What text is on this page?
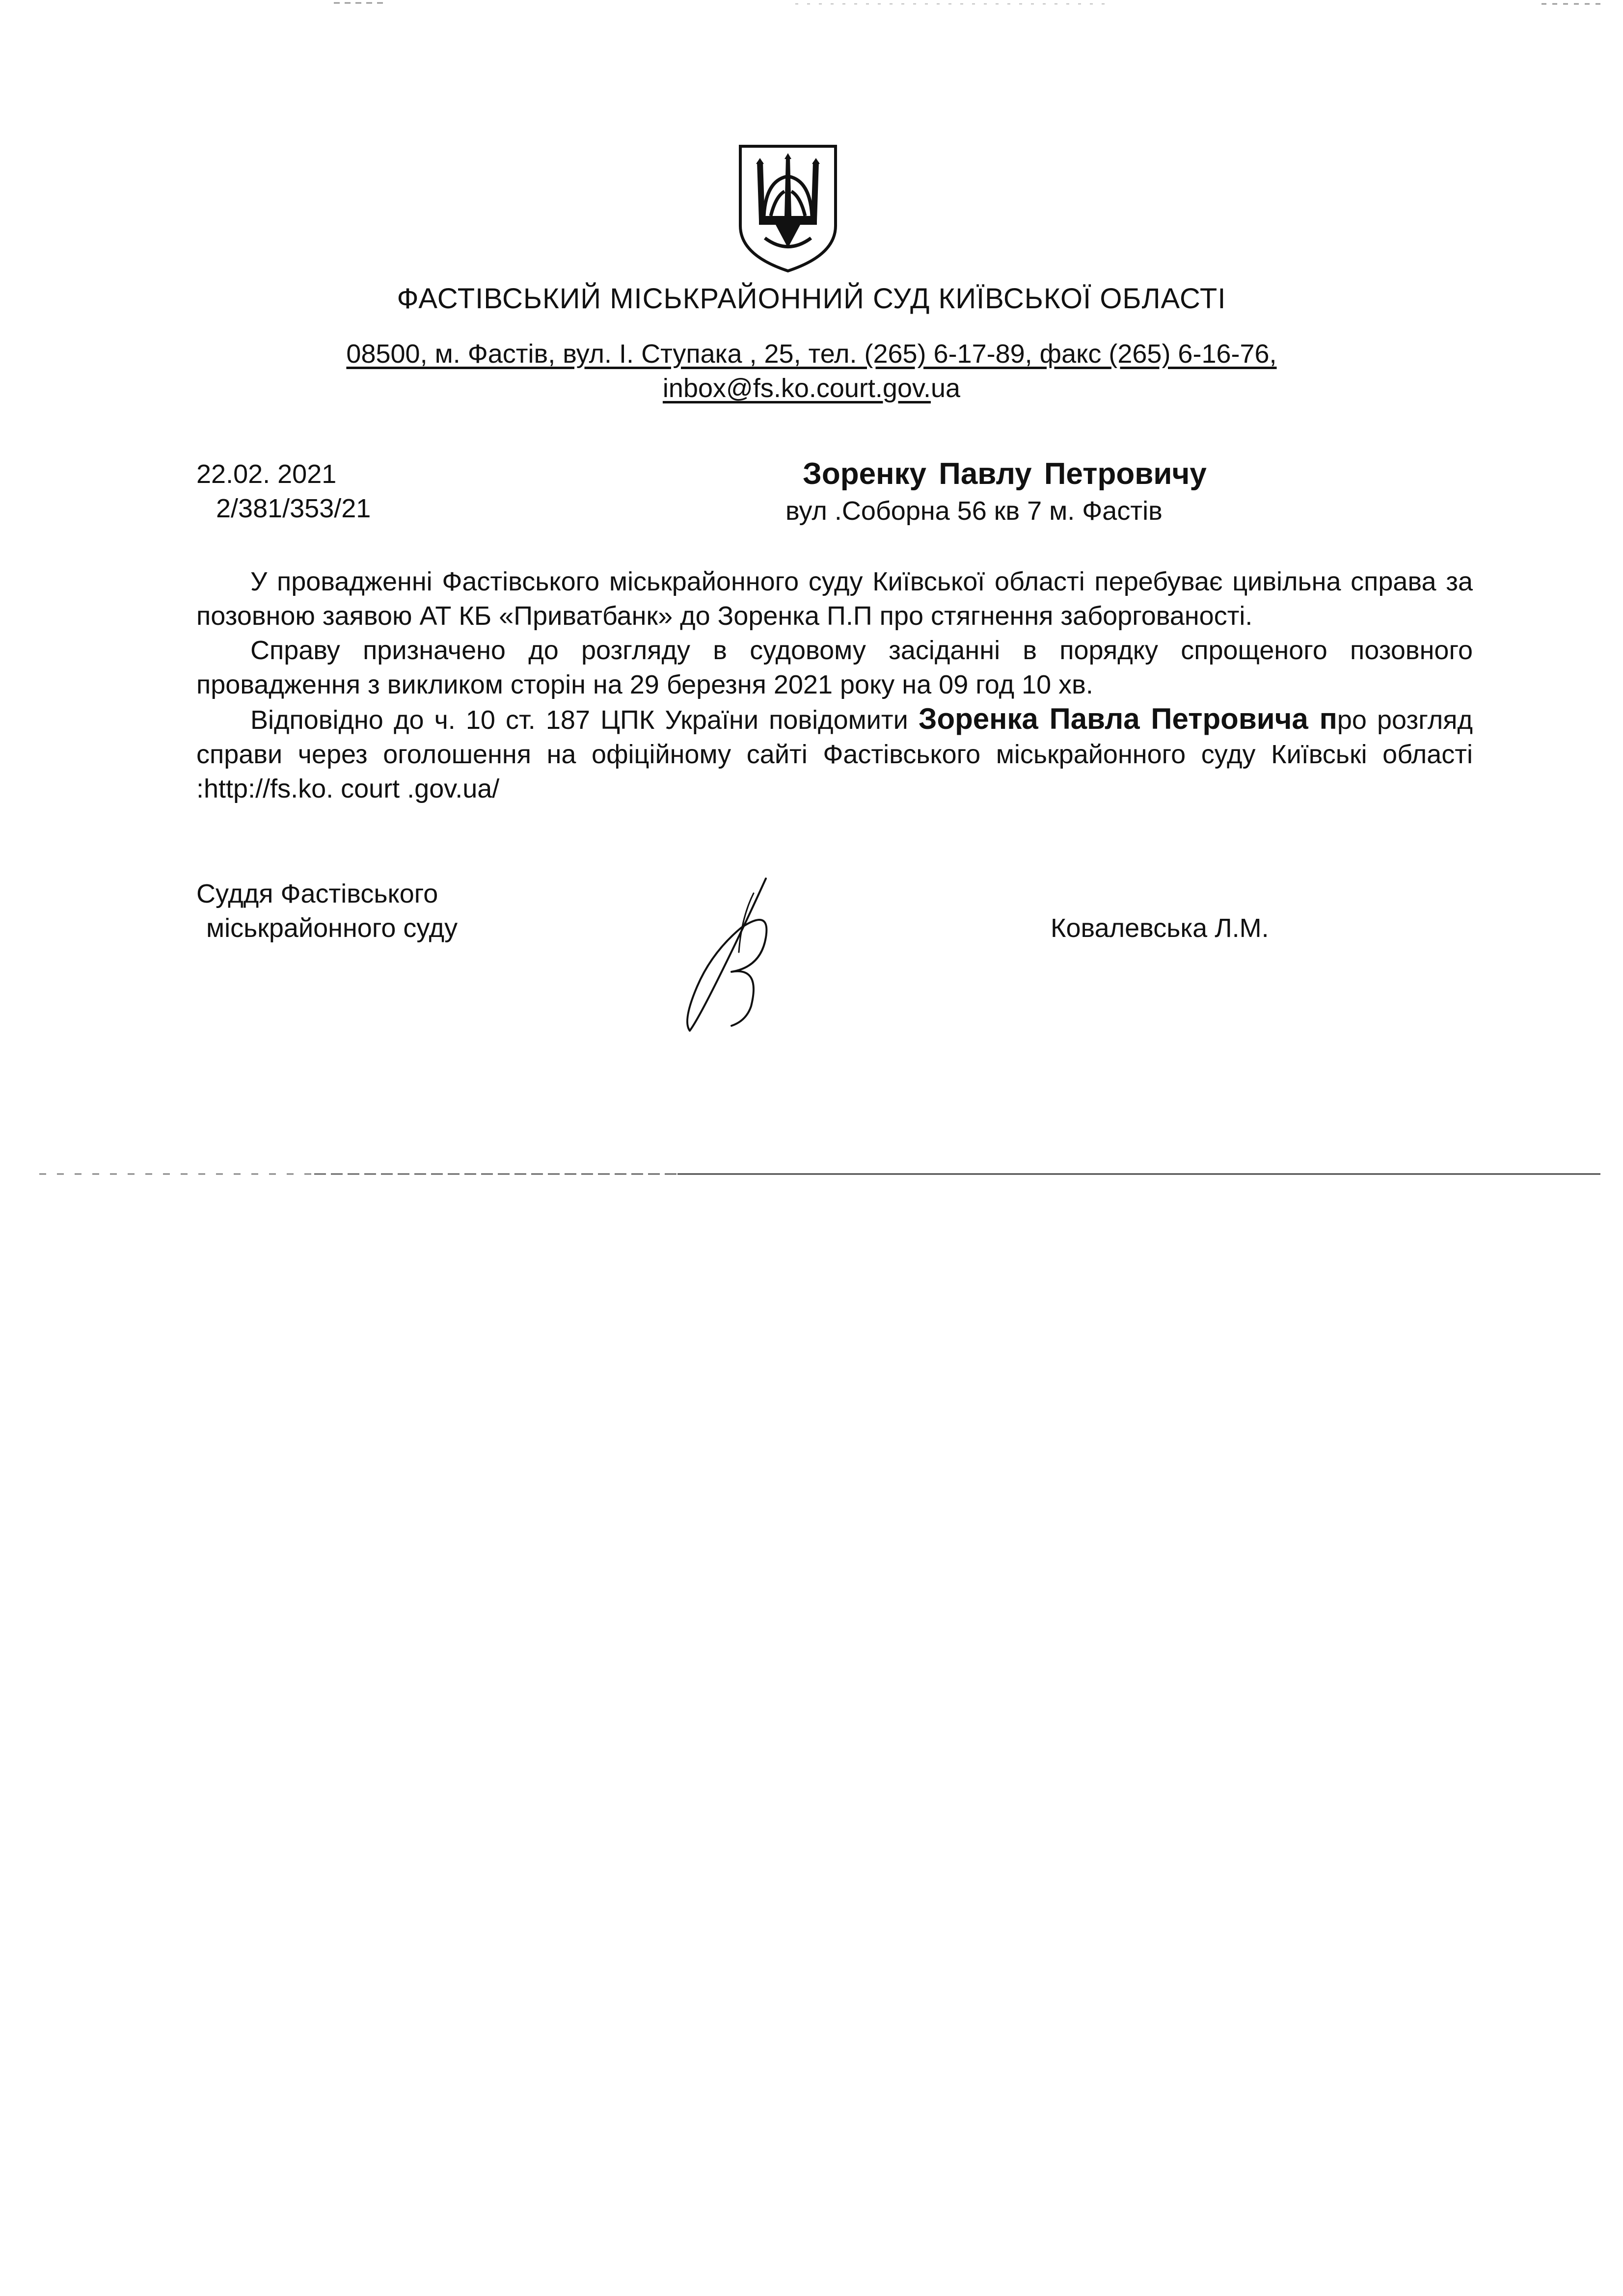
ФАСТІВСЬКИЙ МІСЬКРАЙОННИЙ СУД КИЇВСЬКОЇ ОБЛАСТІ
08500, м. Фастів, вул. І. Ступака , 25, тел. (265) 6-17-89, факс (265) 6-16-76,
inbox@fs.ko.court.gov.ua
22.02. 2021
2/381/353/21
Зоренку Павлу Петровичу
вул .Соборна 56 кв 7 м. Фастів

У провадженні Фастівського міськрайонного суду Київської області перебуває цивільна справа за позовною заявою АТ КБ «Приватбанк» до Зоренка П.П про стягнення заборгованості.

Справу призначено до розгляду в судовому засіданні в порядку спрощеного позовного провадження з викликом сторін на 29 березня 2021 року на 09 год 10 хв.

Відповідно до ч. 10 ст. 187 ЦПК України повідомити Зоренка Павла Петровича про розгляд справи через оголошення на офіційному сайті Фастівського міськрайонного суду Київські області :http://fs.ko. court .gov.ua/

Суддя Фастівського
міськрайонного суду	Ковалевська Л.М.
